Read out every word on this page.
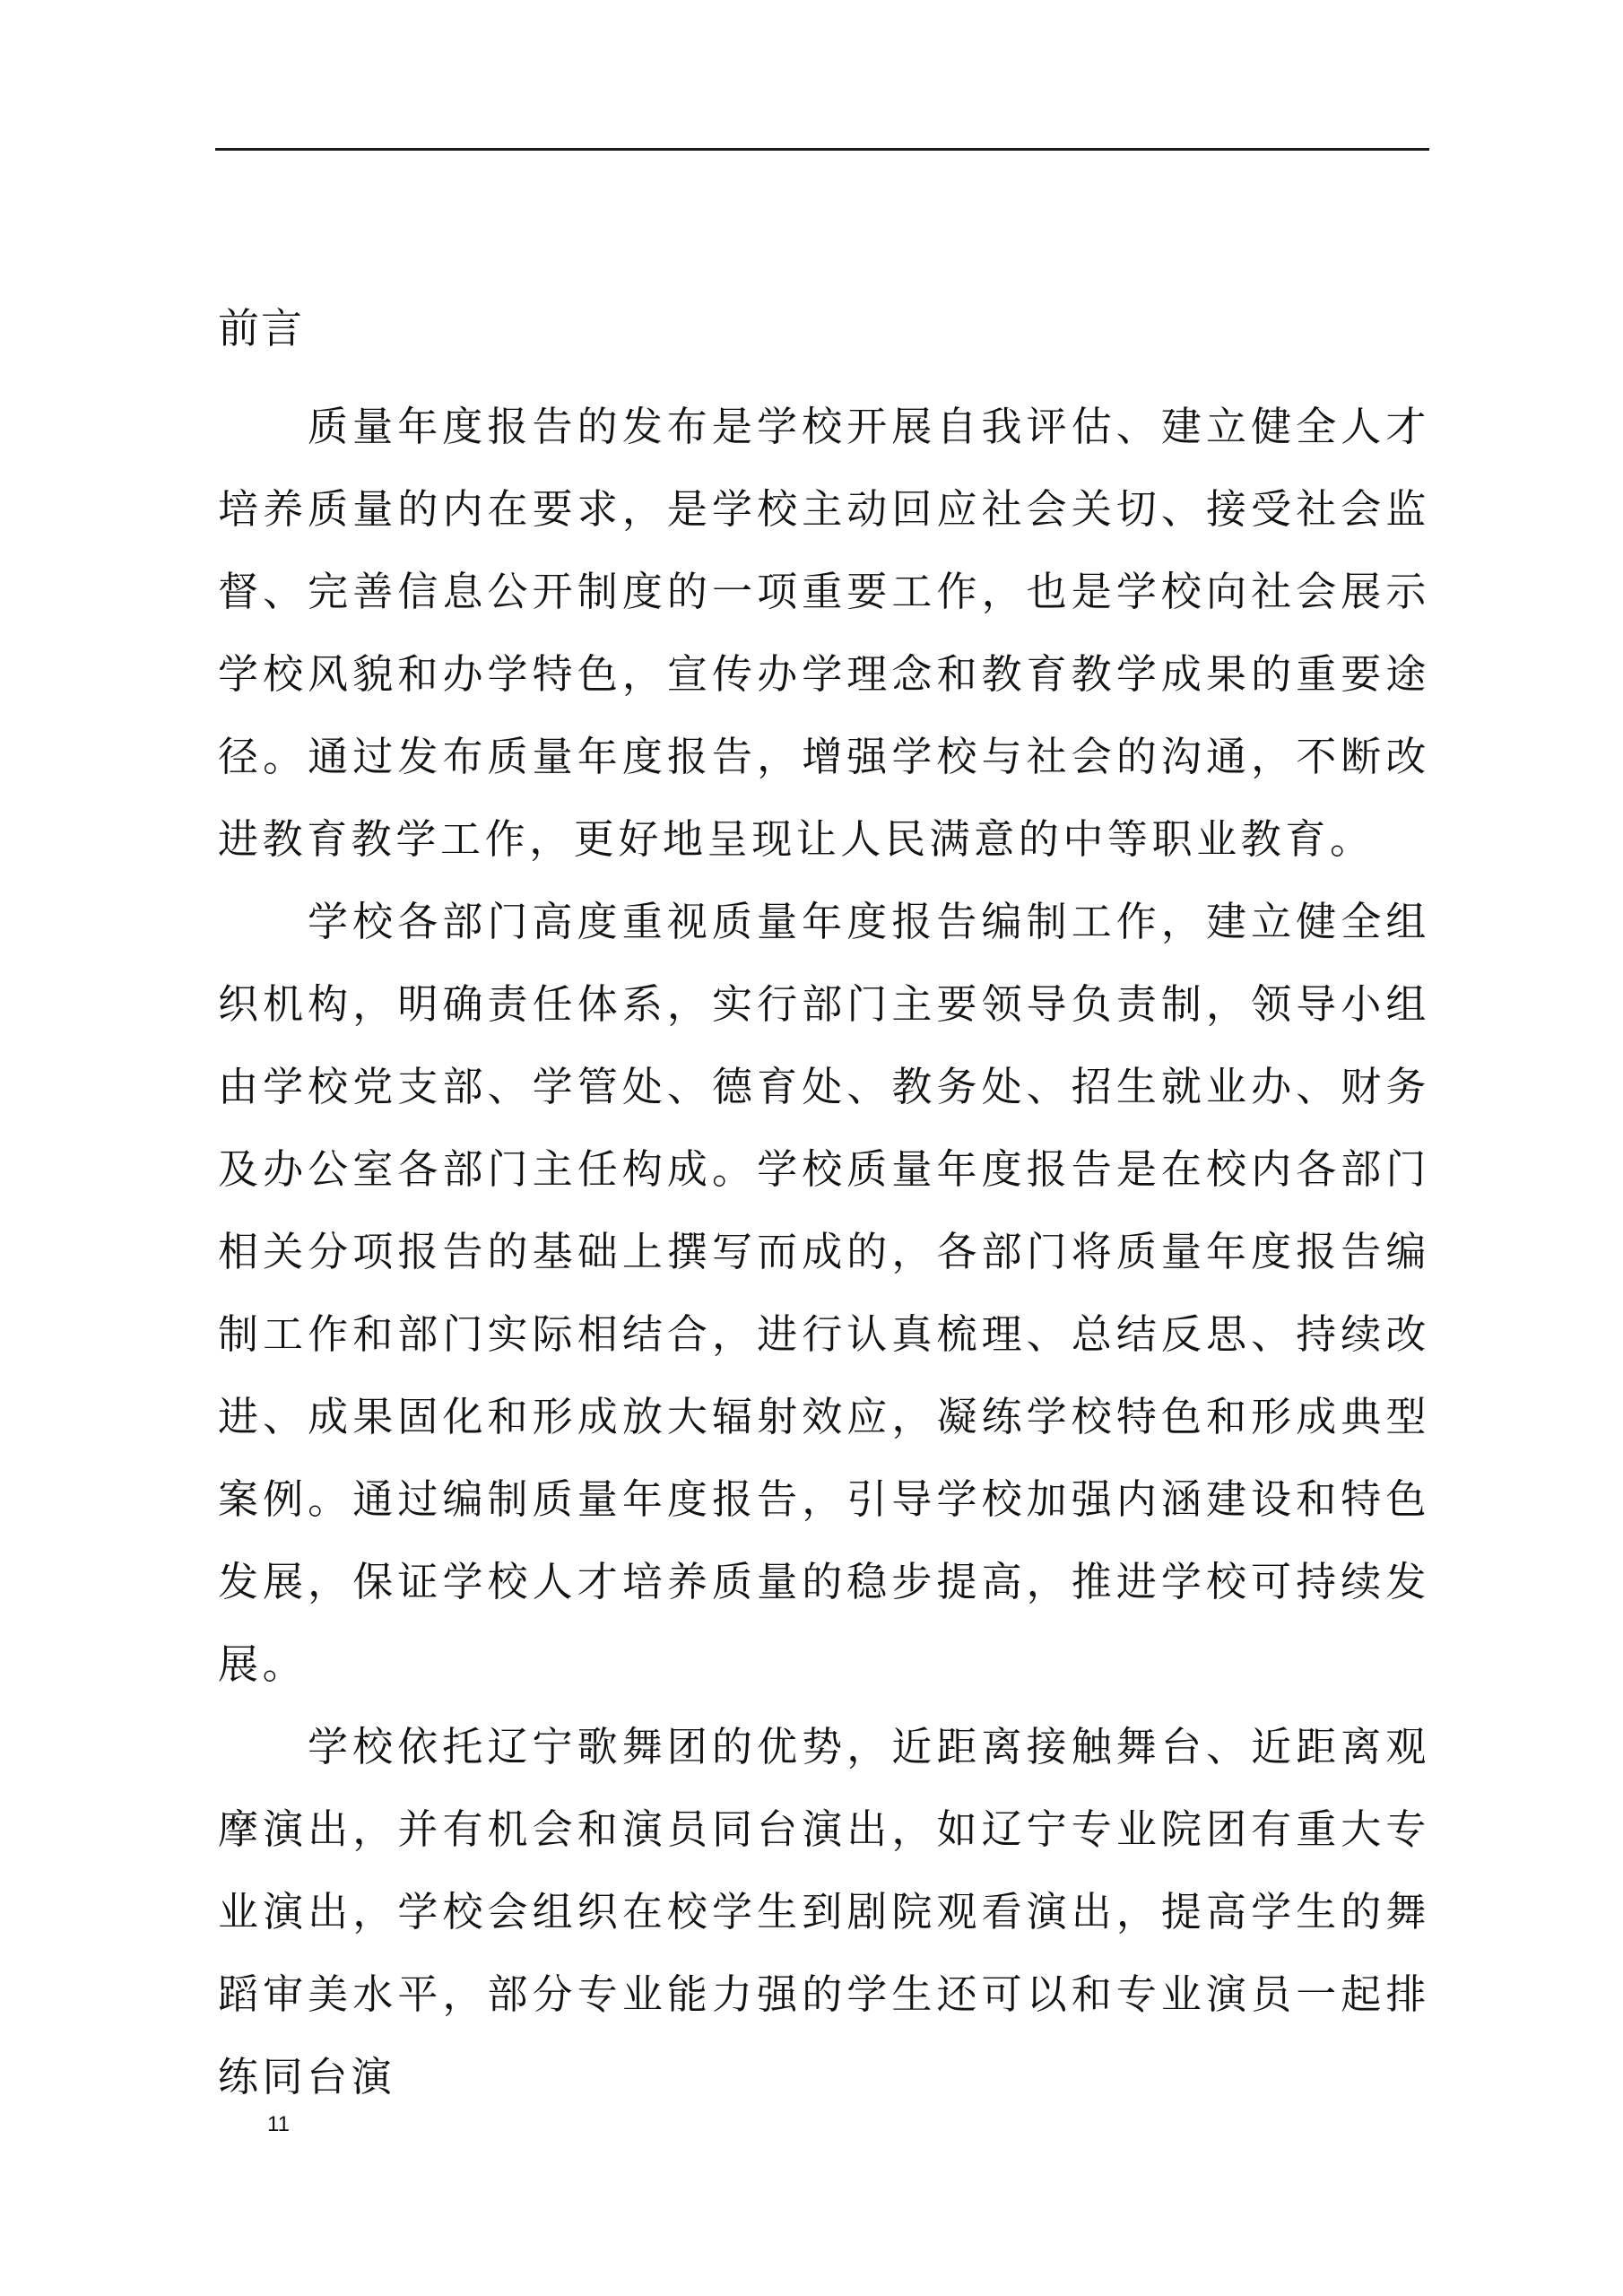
前言

质量年度报告的发布是学校开展自我评估、建立健全人才培养质量的内在要求，是学校主动回应社会关切、接受社会监督、完善信息公开制度的一项重要工作，也是学校向社会展示学校风貌和办学特色，宣传办学理念和教育教学成果的重要途径。通过发布质量年度报告，增强学校与社会的沟通，不断改进教育教学工作，更好地呈现让人民满意的中等职业教育。

学校各部门高度重视质量年度报告编制工作，建立健全组织机构，明确责任体系，实行部门主要领导负责制，领导小组由学校党支部、学管处、德育处、教务处、招生就业办、财务及办公室各部门主任构成。学校质量年度报告是在校内各部门相关分项报告的基础上撰写而成的，各部门将质量年度报告编制工作和部门实际相结合，进行认真梳理、总结反思、持续改进、成果固化和形成放大辐射效应，凝练学校特色和形成典型案例。通过编制质量年度报告，引导学校加强内涵建设和特色发展，保证学校人才培养质量的稳步提高，推进学校可持续发展。

学校依托辽宁歌舞团的优势，近距离接触舞台、近距离观摩演出，并有机会和演员同台演出，如辽宁专业院团有重大专业演出，学校会组织在校学生到剧院观看演出，提高学生的舞蹈审美水平，部分专业能力强的学生还可以和专业演员一起排练同台演

11
